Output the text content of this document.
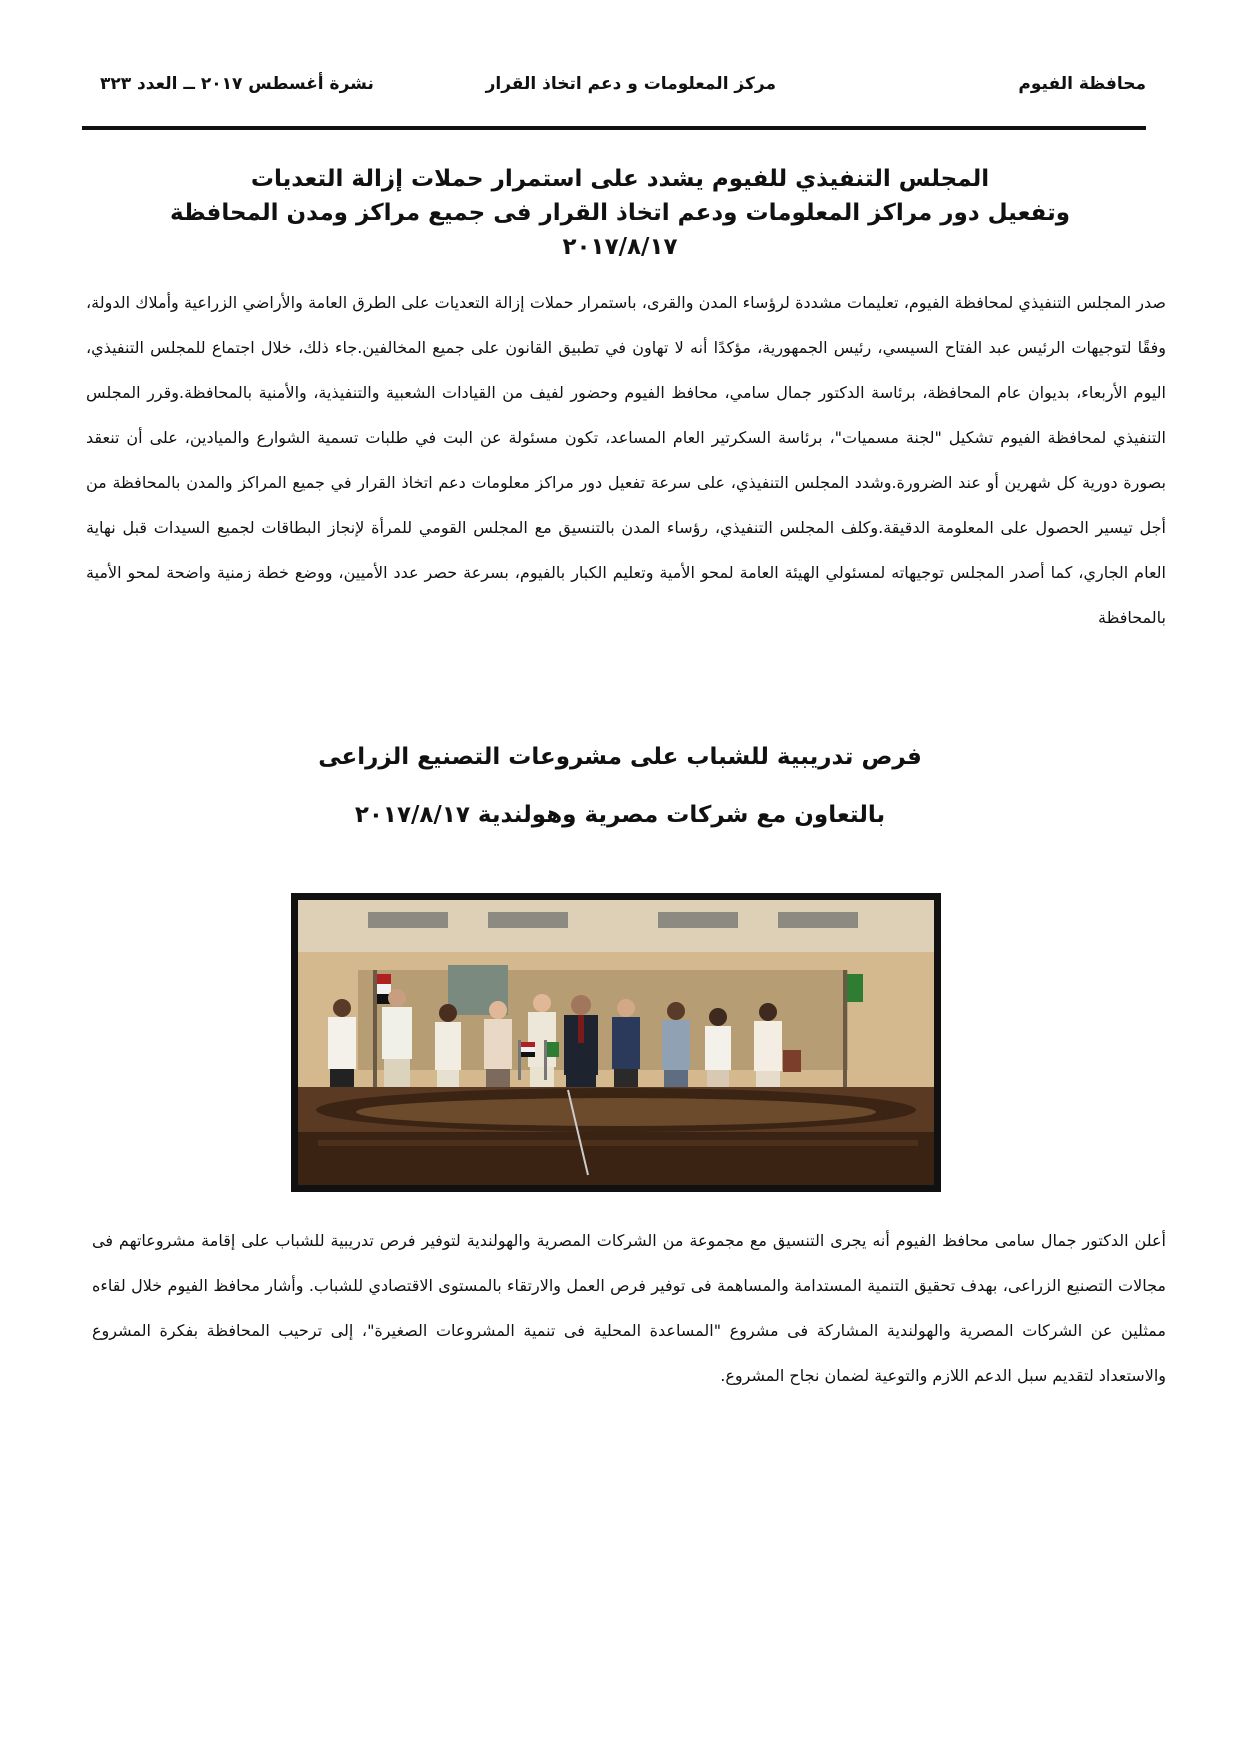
محافظة الفيوم
مركز المعلومات و دعم اتخاذ القرار
نشرة أغسطس ٢٠١٧ ــ العدد ٣٢٣
المجلس التنفيذي للفيوم يشدد على استمرار حملات إزالة التعديات
وتفعيل دور مراكز المعلومات ودعم اتخاذ القرار فى جميع مراكز ومدن المحافظة
٢٠١٧/٨/١٧
صدر المجلس التنفيذي لمحافظة الفيوم، تعليمات مشددة لرؤساء المدن والقرى، باستمرار حملات إزالة التعديات على الطرق العامة والأراضي الزراعية وأملاك الدولة، وفقًا لتوجيهات الرئيس عبد الفتاح السيسي، رئيس الجمهورية، مؤكدًا أنه لا تهاون في تطبيق القانون على جميع المخالفين.جاء ذلك، خلال اجتماع للمجلس التنفيذي، اليوم الأربعاء، بديوان عام المحافظة، برئاسة الدكتور جمال سامي، محافظ الفيوم وحضور لفيف من القيادات الشعبية والتنفيذية، والأمنية بالمحافظة.وقرر المجلس التنفيذي لمحافظة الفيوم تشكيل "لجنة مسميات"، برئاسة السكرتير العام المساعد، تكون مسئولة عن البت في طلبات تسمية الشوارع والميادين، على أن تنعقد بصورة دورية كل شهرين أو عند الضرورة.وشدد المجلس التنفيذي، على سرعة تفعيل دور مراكز معلومات دعم اتخاذ القرار في جميع المراكز والمدن بالمحافظة من أجل تيسير الحصول على المعلومة الدقيقة.وكلف المجلس التنفيذي، رؤساء المدن بالتنسيق مع المجلس القومي للمرأة لإنجاز البطاقات لجميع السيدات قبل نهاية العام الجاري، كما أصدر المجلس توجيهاته لمسئولي الهيئة العامة لمحو الأمية وتعليم الكبار بالفيوم، بسرعة حصر عدد الأميين، ووضع خطة زمنية واضحة لمحو الأمية بالمحافظة
فرص تدريبية للشباب على مشروعات التصنيع الزراعى
بالتعاون مع شركات مصرية وهولندية ٢٠١٧/٨/١٧
أعلن الدكتور جمال سامى محافظ الفيوم أنه يجرى التنسيق مع مجموعة من الشركات المصرية والهولندية لتوفير فرص تدريبية للشباب على إقامة مشروعاتهم فى مجالات التصنيع الزراعى، بهدف تحقيق التنمية المستدامة والمساهمة فى توفير فرص العمل والارتقاء بالمستوى الاقتصادي للشباب. وأشار محافظ الفيوم خلال لقاءه ممثلين عن الشركات المصرية والهولندية المشاركة فى مشروع "المساعدة المحلية فى تنمية المشروعات الصغيرة"، إلى ترحيب المحافظة بفكرة المشروع والاستعداد لتقديم سبل الدعم اللازم والتوعية لضمان نجاح المشروع.
